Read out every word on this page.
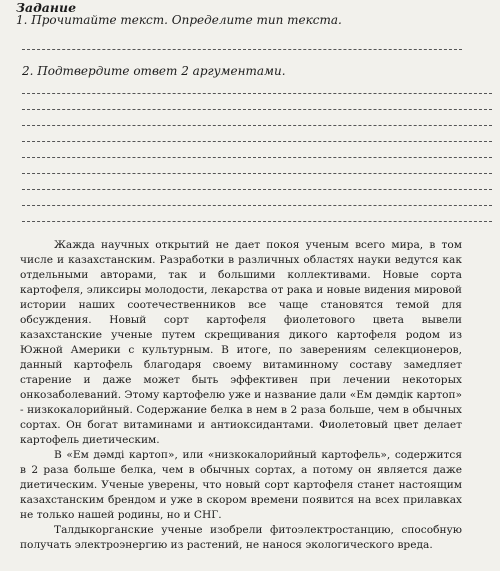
Задание
1. Прочитайте текст. Определите тип текста.
2. Подтвердите ответ 2 аргументами.

Жажда научных открытий не дает покоя ученым всего мира, в том числе и казахстанским. Разработки в различных областях науки ведутся как отдельными авторами, так и большими коллективами. Новые сорта картофеля, эликсиры молодости, лекарства от рака и новые видения мировой истории наших соотечественников все чаще становятся темой для обсуждения. Новый сорт картофеля фиолетового цвета вывели казахстанские ученые путем скрещивания дикого картофеля родом из Южной Америки с культурным. В итоге, по заверениям селекционеров, данный картофель благодаря своему витаминному составу замедляет старение и даже может быть эффективен при лечении некоторых онкозаболеваний. Этому картофелю уже и название дали «Ем дәмдік картоп» - низкокалорийный. Содержание белка в нем в 2 раза больше, чем в обычных сортах. Он богат витаминами и антиоксидантами. Фиолетовый цвет делает картофель диетическим.

В «Ем дәмді картоп», или «низкокалорийный картофель», содержится в 2 раза больше белка, чем в обычных сортах, а потому он является даже диетическим. Ученые уверены, что новый сорт картофеля станет настоящим казахстанским брендом и уже в скором времени появится на всех прилавках не только нашей родины, но и СНГ.

Талдыкорганские ученые изобрели фитоэлектростанцию, способную получать электроэнергию из растений, не нанося экологического вреда.
